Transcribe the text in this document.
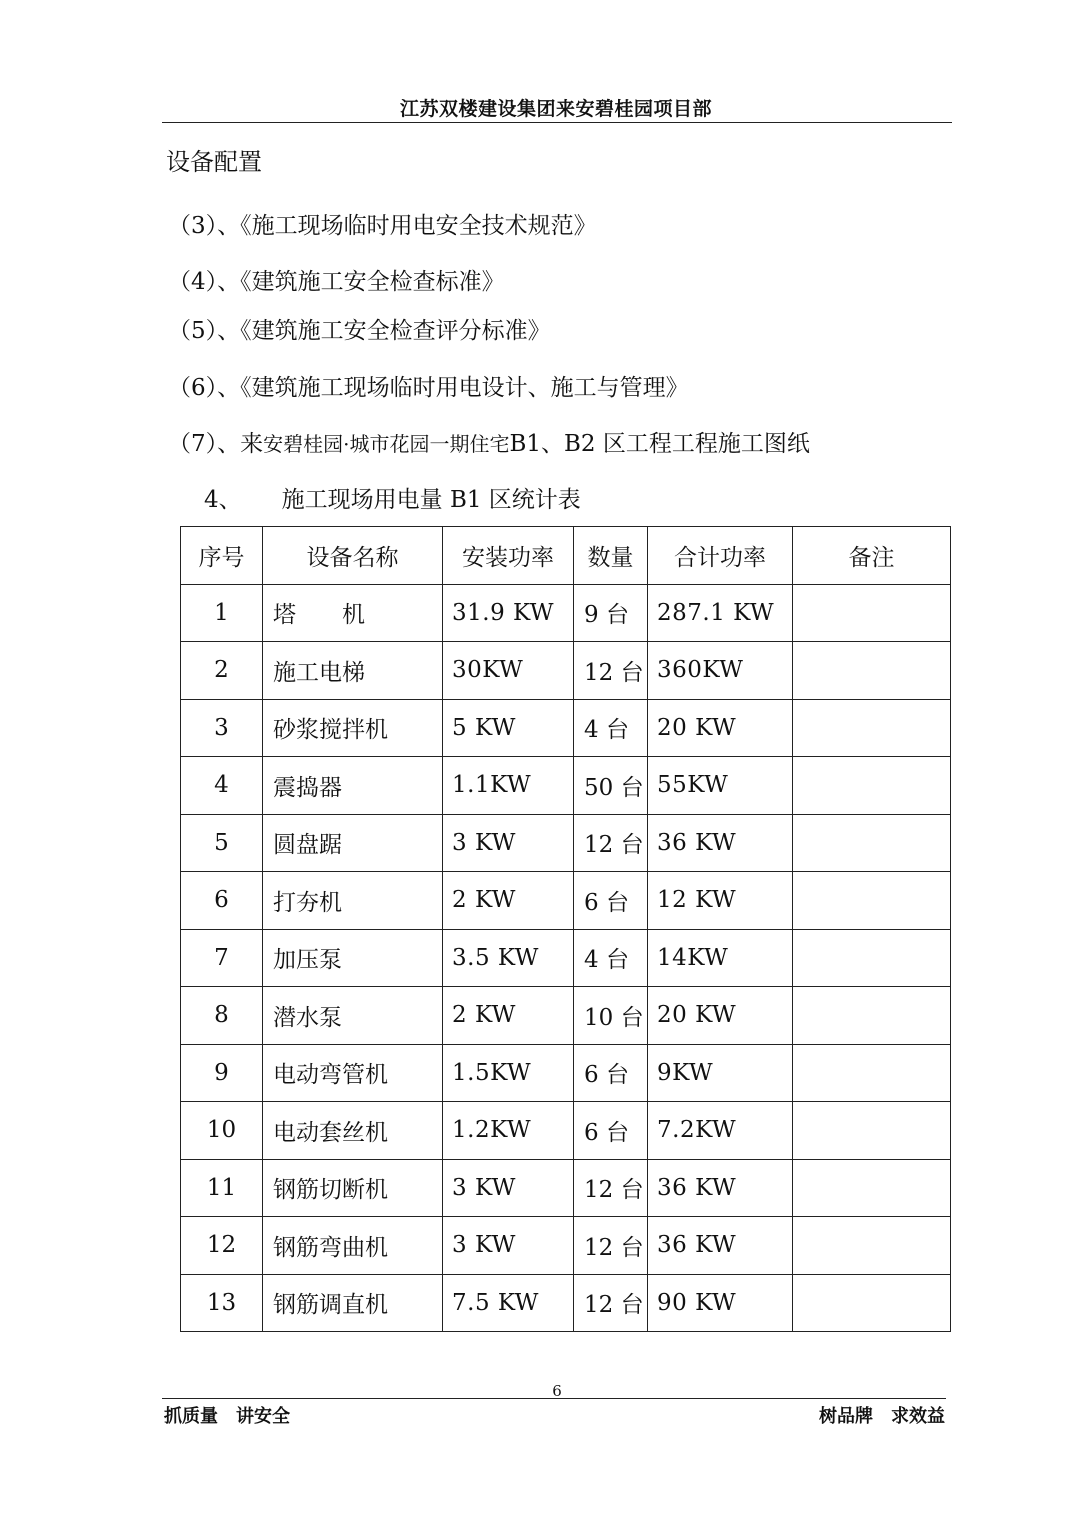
江苏双楼建设集团来安碧桂园项目部
设备配置
（3）、《施工现场临时用电安全技术规范》
（4）、《建筑施工安全检查标准》
（5）、《建筑施工安全检查评分标准》
（6）、《建筑施工现场临时用电设计、施工与管理》
（7）、来安碧桂园·城市花园一期住宅B1、B2 区工程工程施工图纸
4、 施工现场用电量 B1 区统计表
序号	设备名称	安装功率	数量	合计功率	备注
1	塔　　机	31.9 KW	9 台	287.1 KW	
2	施工电梯	30KW	12 台	360KW	
3	砂浆搅拌机	5 KW	4 台	20 KW	
4	震捣器	1.1KW	50 台	55KW	
5	圆盘踞	3 KW	12 台	36 KW	
6	打夯机	2 KW	6 台	12 KW	
7	加压泵	3.5 KW	4 台	14KW	
8	潜水泵	2 KW	10 台	20 KW	
9	电动弯管机	1.5KW	6 台	9KW	
10	电动套丝机	1.2KW	6 台	7.2KW	
11	钢筋切断机	3 KW	12 台	36 KW	
12	钢筋弯曲机	3 KW	12 台	36 KW	
13	钢筋调直机	7.5 KW	12 台	90 KW	
6
抓质量　讲安全	树品牌　求效益
